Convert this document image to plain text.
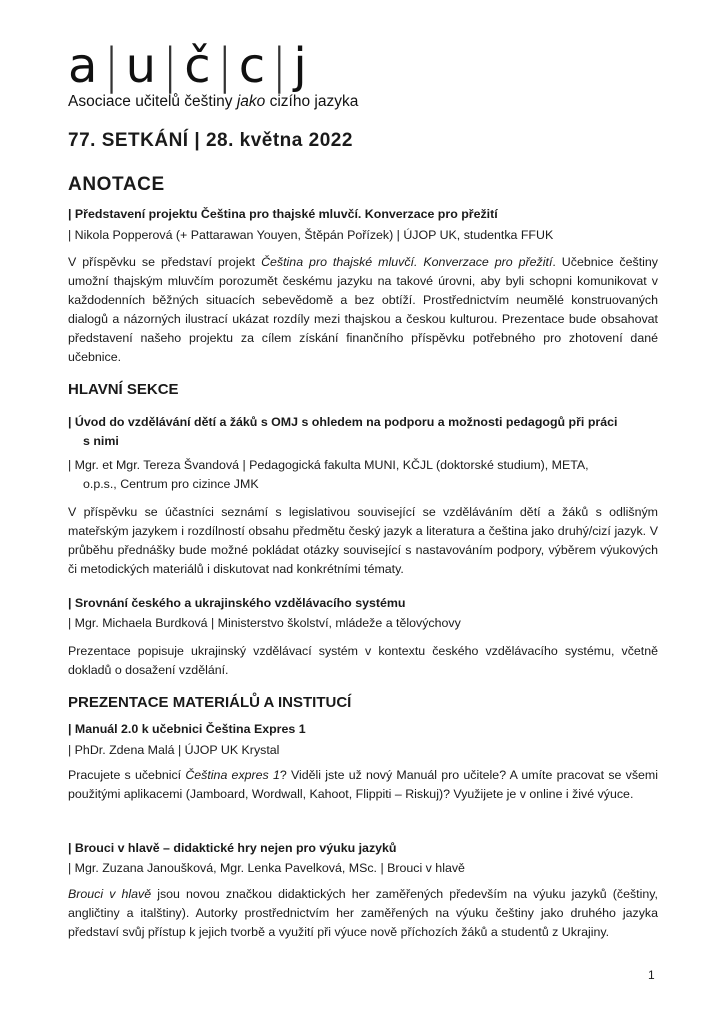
a|u|č|c|j
Asociace učitelů češtiny jako cizího jazyka
77. SETKÁNÍ | 28. května 2022
ANOTACE
| Představení projektu Čeština pro thajské mluvčí. Konverzace pro přežití
| Nikola Popperová (+ Pattarawan Youyen, Štěpán Pořízek) | ÚJOP UK, studentka FFUK
V příspěvku se představí projekt Čeština pro thajské mluvčí. Konverzace pro přežití. Učebnice češtiny umožní thajským mluvčím porozumět českému jazyku na takové úrovni, aby byli schopni komunikovat v každodenních běžných situacích sebevědomě a bez obtíží. Prostřednictvím neumělé konstruovaných dialogů a názorných ilustrací ukázat rozdíly mezi thajskou a českou kulturou. Prezentace bude obsahovat představení našeho projektu za cílem získání finančního příspěvku potřebného pro zhotovení dané učebnice.
HLAVNÍ SEKCE
| Úvod do vzdělávání dětí a žáků s OMJ s ohledem na podporu a možnosti pedagogů při práci
s nimi
| Mgr. et Mgr. Tereza Švandová | Pedagogická fakulta MUNI, KČJL (doktorské studium), META,
o.p.s., Centrum pro cizince JMK
V příspěvku se účastníci seznámí s legislativou související se vzděláváním dětí a žáků s odlišným mateřským jazykem i rozdílností obsahu předmětu český jazyk a literatura a čeština jako druhý/cizí jazyk. V průběhu přednášky bude možné pokládat otázky související s nastavováním podpory, výběrem výukových či metodických materiálů i diskutovat nad konkrétními tématy.
| Srovnání českého a ukrajinského vzdělávacího systému
| Mgr. Michaela Burdková | Ministerstvo školství, mládeže a tělovýchovy
Prezentace popisuje ukrajinský vzdělávací systém v kontextu českého vzdělávacího systému, včetně dokladů o dosažení vzdělání.
PREZENTACE MATERIÁLŮ A INSTITUCÍ
| Manuál 2.0 k učebnici Čeština Expres 1
| PhDr. Zdena Malá | ÚJOP UK Krystal
Pracujete s učebnicí Čeština expres 1? Viděli jste už nový Manuál pro učitele? A umíte pracovat se všemi použitými aplikacemi (Jamboard, Wordwall, Kahoot, Flippiti – Riskuj)? Využijete je v online i živé výuce.
| Brouci v hlavě – didaktické hry nejen pro výuku jazyků
| Mgr. Zuzana Janoušková, Mgr. Lenka Pavelková, MSc. | Brouci v hlavě
Brouci v hlavě jsou novou značkou didaktických her zaměřených především na výuku jazyků (češtiny, angličtiny a italštiny). Autorky prostřednictvím her zaměřených na výuku češtiny jako druhého jazyka představí svůj přístup k jejich tvorbě a využití při výuce nově příchozích žáků a studentů z Ukrajiny.
1
